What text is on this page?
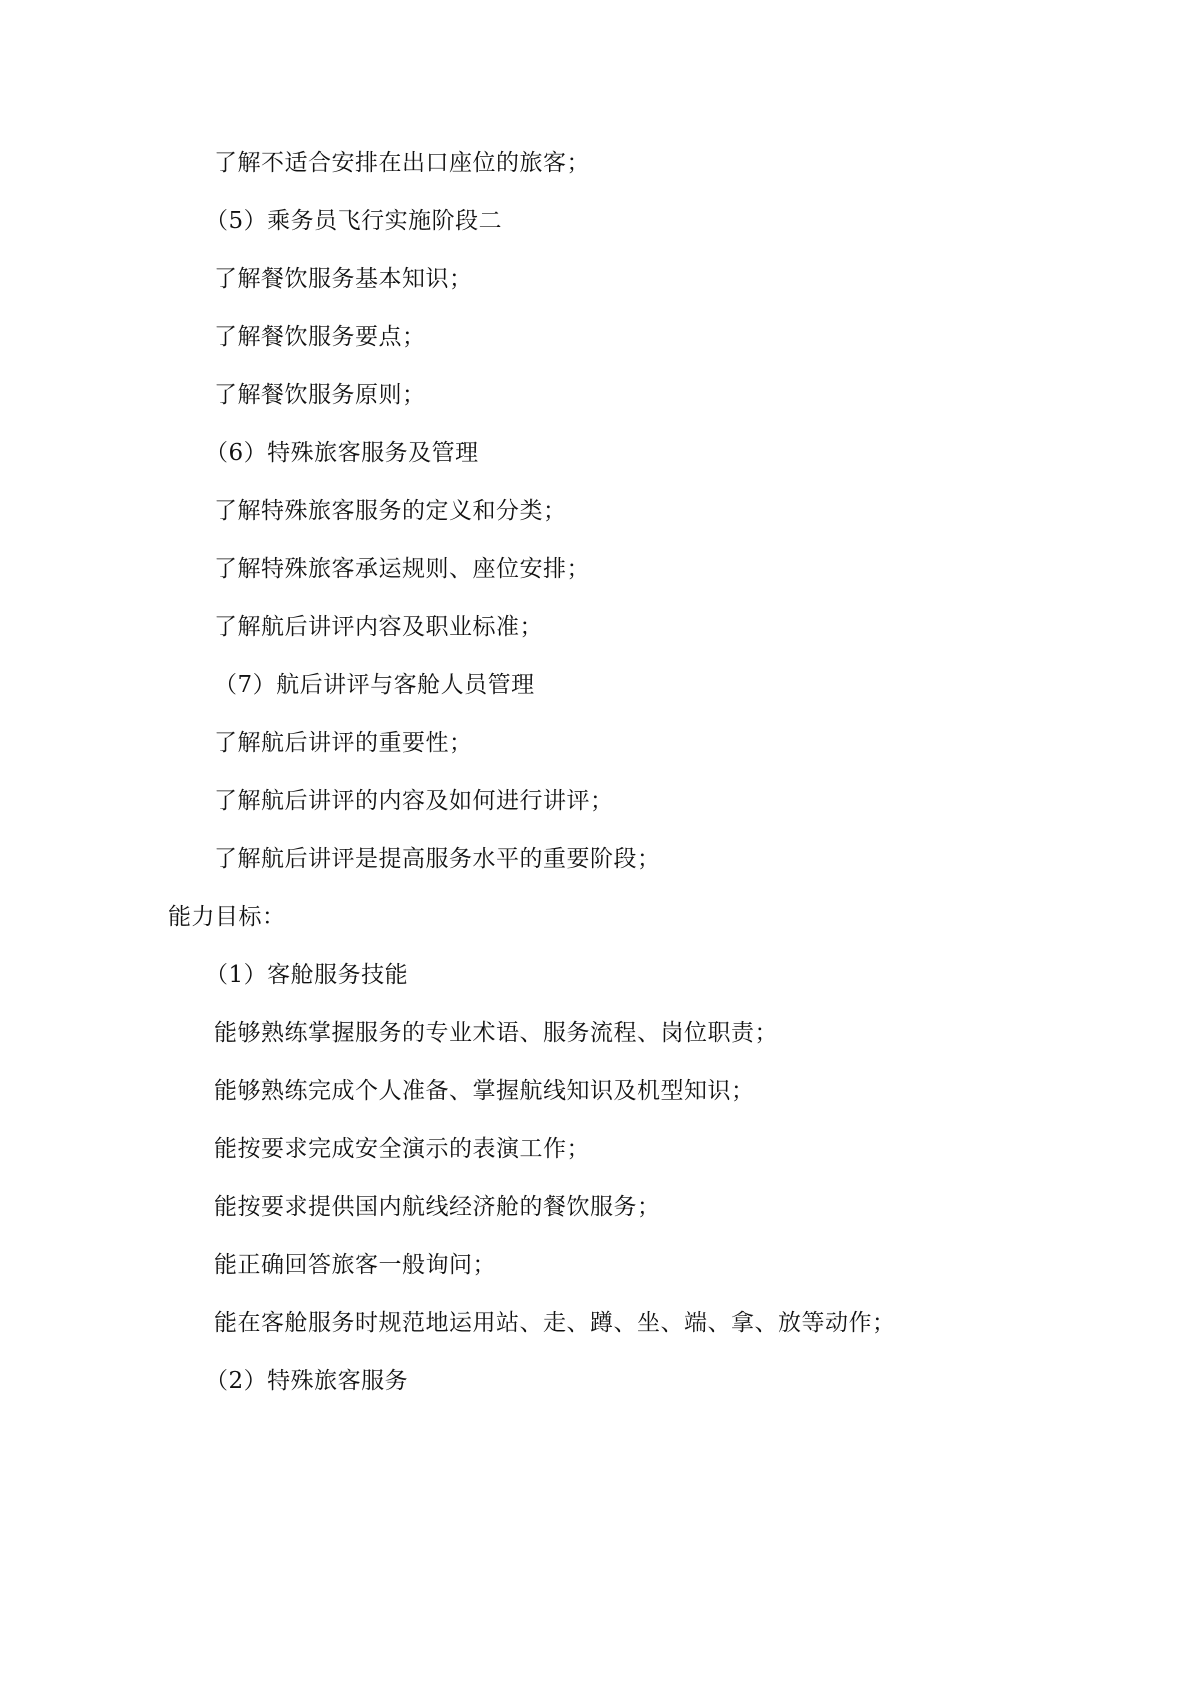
了解不适合安排在出口座位的旅客；

（5）乘务员飞行实施阶段二

了解餐饮服务基本知识；

了解餐饮服务要点；

了解餐饮服务原则；

（6）特殊旅客服务及管理

了解特殊旅客服务的定义和分类；

了解特殊旅客承运规则、座位安排；

了解航后讲评内容及职业标准；

（7）航后讲评与客舱人员管理

了解航后讲评的重要性；

了解航后讲评的内容及如何进行讲评；

了解航后讲评是提高服务水平的重要阶段；

能力目标：

（1）客舱服务技能

能够熟练掌握服务的专业术语、服务流程、岗位职责；

能够熟练完成个人准备、掌握航线知识及机型知识；

能按要求完成安全演示的表演工作；

能按要求提供国内航线经济舱的餐饮服务；

能正确回答旅客一般询问；

能在客舱服务时规范地运用站、走、蹲、坐、端、拿、放等动作；

（2）特殊旅客服务
